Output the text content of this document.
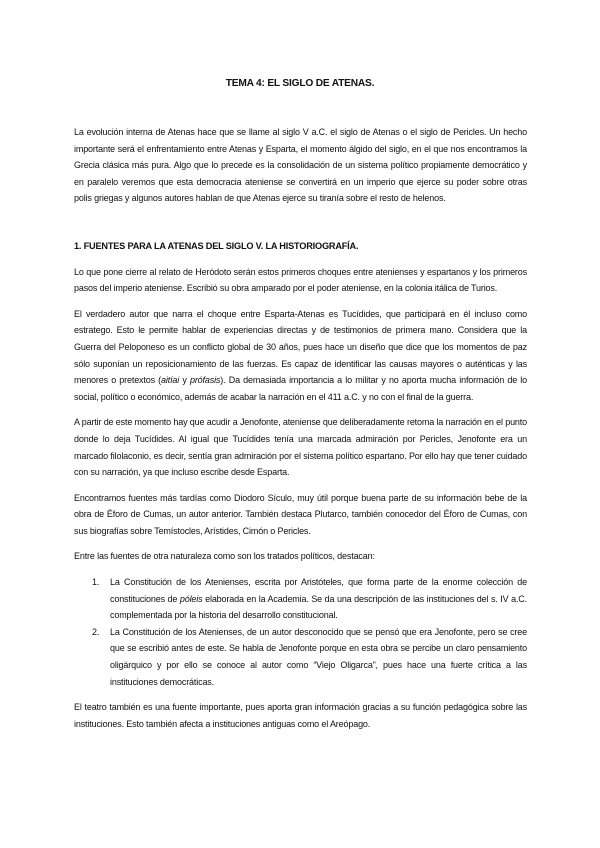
TEMA 4: EL SIGLO DE ATENAS.

La evolución interna de Atenas hace que se llame al siglo V a.C. el siglo de Atenas o el siglo de Pericles. Un hecho importante será el enfrentamiento entre Atenas y Esparta, el momento álgido del siglo, en el que nos encontramos la Grecia clásica más pura. Algo que lo precede es la consolidación de un sistema político propiamente democrático y en paralelo veremos que esta democracia ateniense se convertirá en un imperio que ejerce su poder sobre otras polis griegas y algunos autores hablan de que Atenas ejerce su tiranía sobre el resto de helenos.

1. FUENTES PARA LA ATENAS DEL SIGLO V. LA HISTORIOGRAFÍA.

Lo que pone cierre al relato de Heródoto serán estos primeros choques entre atenienses y espartanos y los primeros pasos del imperio ateniense. Escribió su obra amparado por el poder ateniense, en la colonia itálica de Turios.

El verdadero autor que narra el choque entre Esparta-Atenas es Tucídides, que participará en él incluso como estratego. Esto le permite hablar de experiencias directas y de testimonios de primera mano. Considera que la Guerra del Peloponeso es un conflicto global de 30 años, pues hace un diseño que dice que los momentos de paz sólo suponían un reposicionamiento de las fuerzas. Es capaz de identificar las causas mayores o auténticas y las menores o pretextos (aitíai y prófasis). Da demasiada importancia a lo militar y no aporta mucha información de lo social, político o económico, además de acabar la narración en el 411 a.C. y no con el final de la guerra.

A partir de este momento hay que acudir a Jenofonte, ateniense que deliberadamente retoma la narración en el punto donde lo deja Tucídides. Al igual que Tucídides tenía una marcada admiración por Pericles, Jenofonte era un marcado filolaconio, es decir, sentía gran admiración por el sistema político espartano. Por ello hay que tener cuidado con su narración, ya que incluso escribe desde Esparta.

Encontramos fuentes más tardías como Diodoro Sículo, muy útil porque buena parte de su información bebe de la obra de Éforo de Cumas, un autor anterior. También destaca Plutarco, también conocedor del Éforo de Cumas, con sus biografías sobre Temístocles, Arístides, Cimón o Pericles.

Entre las fuentes de otra naturaleza como son los tratados políticos, destacan:

1. La Constitución de los Atenienses, escrita por Aristóteles, que forma parte de la enorme colección de constituciones de póleis elaborada en la Academia. Se da una descripción de las instituciones del s. IV a.C. complementada por la historia del desarrollo constitucional.
2. La Constitución de los Atenienses, de un autor desconocido que se pensó que era Jenofonte, pero se cree que se escribió antes de este. Se habla de Jenofonte porque en esta obra se percibe un claro pensamiento oligárquico y por ello se conoce al autor como “Viejo Oligarca”, pues hace una fuerte crítica a las instituciones democráticas.

El teatro también es una fuente importante, pues aporta gran información gracias a su función pedagógica sobre las instituciones. Esto también afecta a instituciones antiguas como el Areópago.
